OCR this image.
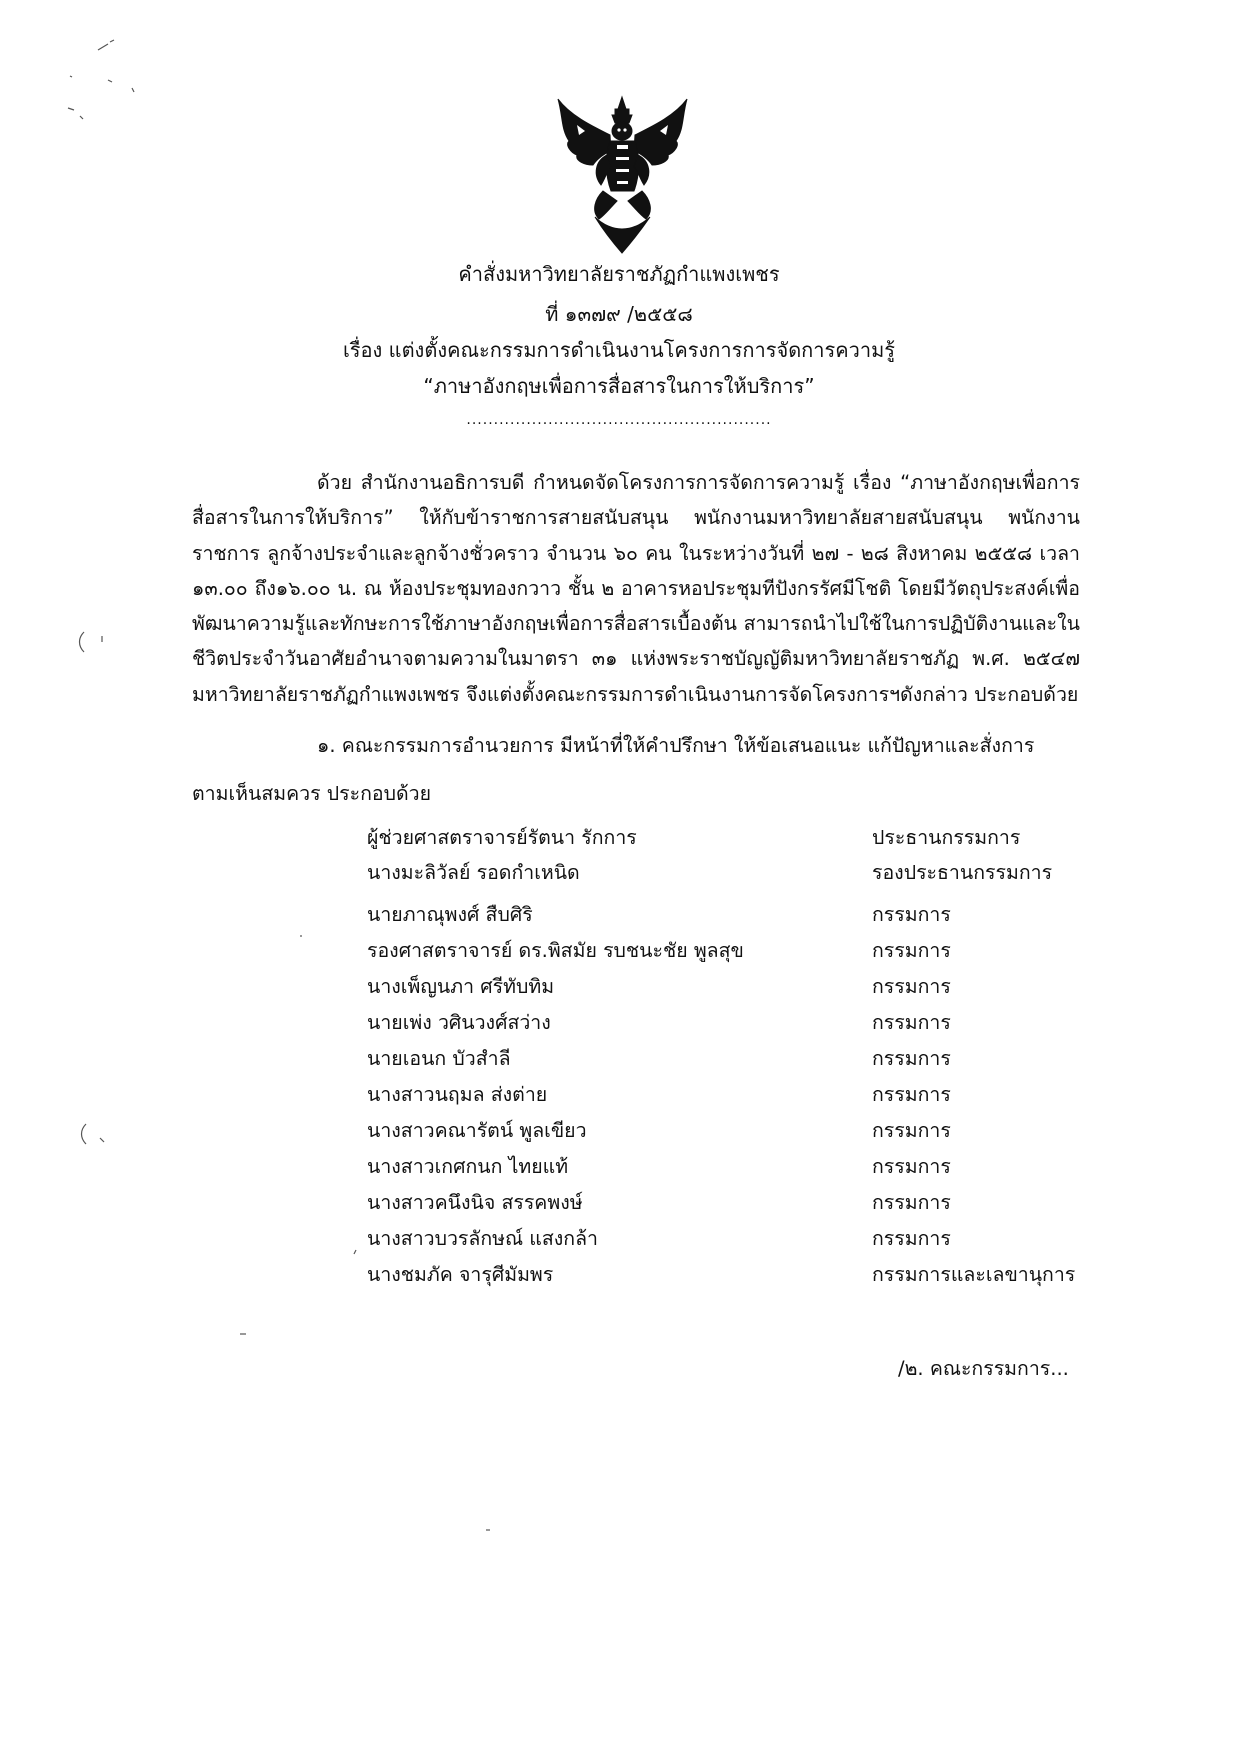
คำสั่งมหาวิทยาลัยราชภัฏกำแพงเพชร
ที่ ๑๓๗๙ /๒๕๕๘
เรื่อง แต่งตั้งคณะกรรมการดำเนินงานโครงการการจัดการความรู้
“ภาษาอังกฤษเพื่อการสื่อสารในการให้บริการ”
........................................................
ด้วย สำนักงานอธิการบดี กำหนดจัดโครงการการจัดการความรู้ เรื่อง “ภาษาอังกฤษเพื่อการสื่อสารในการให้บริการ” ให้กับข้าราชการสายสนับสนุน พนักงานมหาวิทยาลัยสายสนับสนุน พนักงานราชการ ลูกจ้างประจำและลูกจ้างชั่วคราว จำนวน ๖๐ คน ในระหว่างวันที่ ๒๗ - ๒๘ สิงหาคม ๒๕๕๘ เวลา ๑๓.๐๐ ถึง๑๖.๐๐ น. ณ ห้องประชุมทองกวาว ชั้น ๒ อาคารหอประชุมทีปังกรรัศมีโชติ โดยมีวัตถุประสงค์เพื่อพัฒนาความรู้และทักษะการใช้ภาษาอังกฤษเพื่อการสื่อสารเบื้องต้น สามารถนำไปใช้ในการปฏิบัติงานและในชีวิตประจำวันอาศัยอำนาจตามความในมาตรา ๓๑ แห่งพระราชบัญญัติมหาวิทยาลัยราชภัฏ พ.ศ. ๒๕๔๗ มหาวิทยาลัยราชภัฏกำแพงเพชร จึงแต่งตั้งคณะกรรมการดำเนินงานการจัดโครงการฯดังกล่าว ประกอบด้วย
๑. คณะกรรมการอำนวยการ มีหน้าที่ให้คำปรึกษา ให้ข้อเสนอแนะ แก้ปัญหาและสั่งการ
ตามเห็นสมควร ประกอบด้วย
ผู้ช่วยศาสตราจารย์รัตนา รักการ	ประธานกรรมการ
นางมะลิวัลย์ รอดกำเหนิด	รองประธานกรรมการ
นายภาณุพงศ์ สืบศิริ	กรรมการ
รองศาสตราจารย์ ดร.พิสมัย รบชนะชัย พูลสุข	กรรมการ
นางเพ็ญนภา ศรีทับทิม	กรรมการ
นายเพ่ง วศินวงศ์สว่าง	กรรมการ
นายเอนก บัวสำลี	กรรมการ
นางสาวนฤมล ส่งต่าย	กรรมการ
นางสาวคณารัตน์ พูลเขียว	กรรมการ
นางสาวเกศกนก ไทยแท้	กรรมการ
นางสาวคนึงนิจ สรรคพงษ์	กรรมการ
นางสาวบวรลักษณ์ แสงกล้า	กรรมการ
นางชมภัค จารุศีมัมพร	กรรมการและเลขานุการ
/๒. คณะกรรมการ...
